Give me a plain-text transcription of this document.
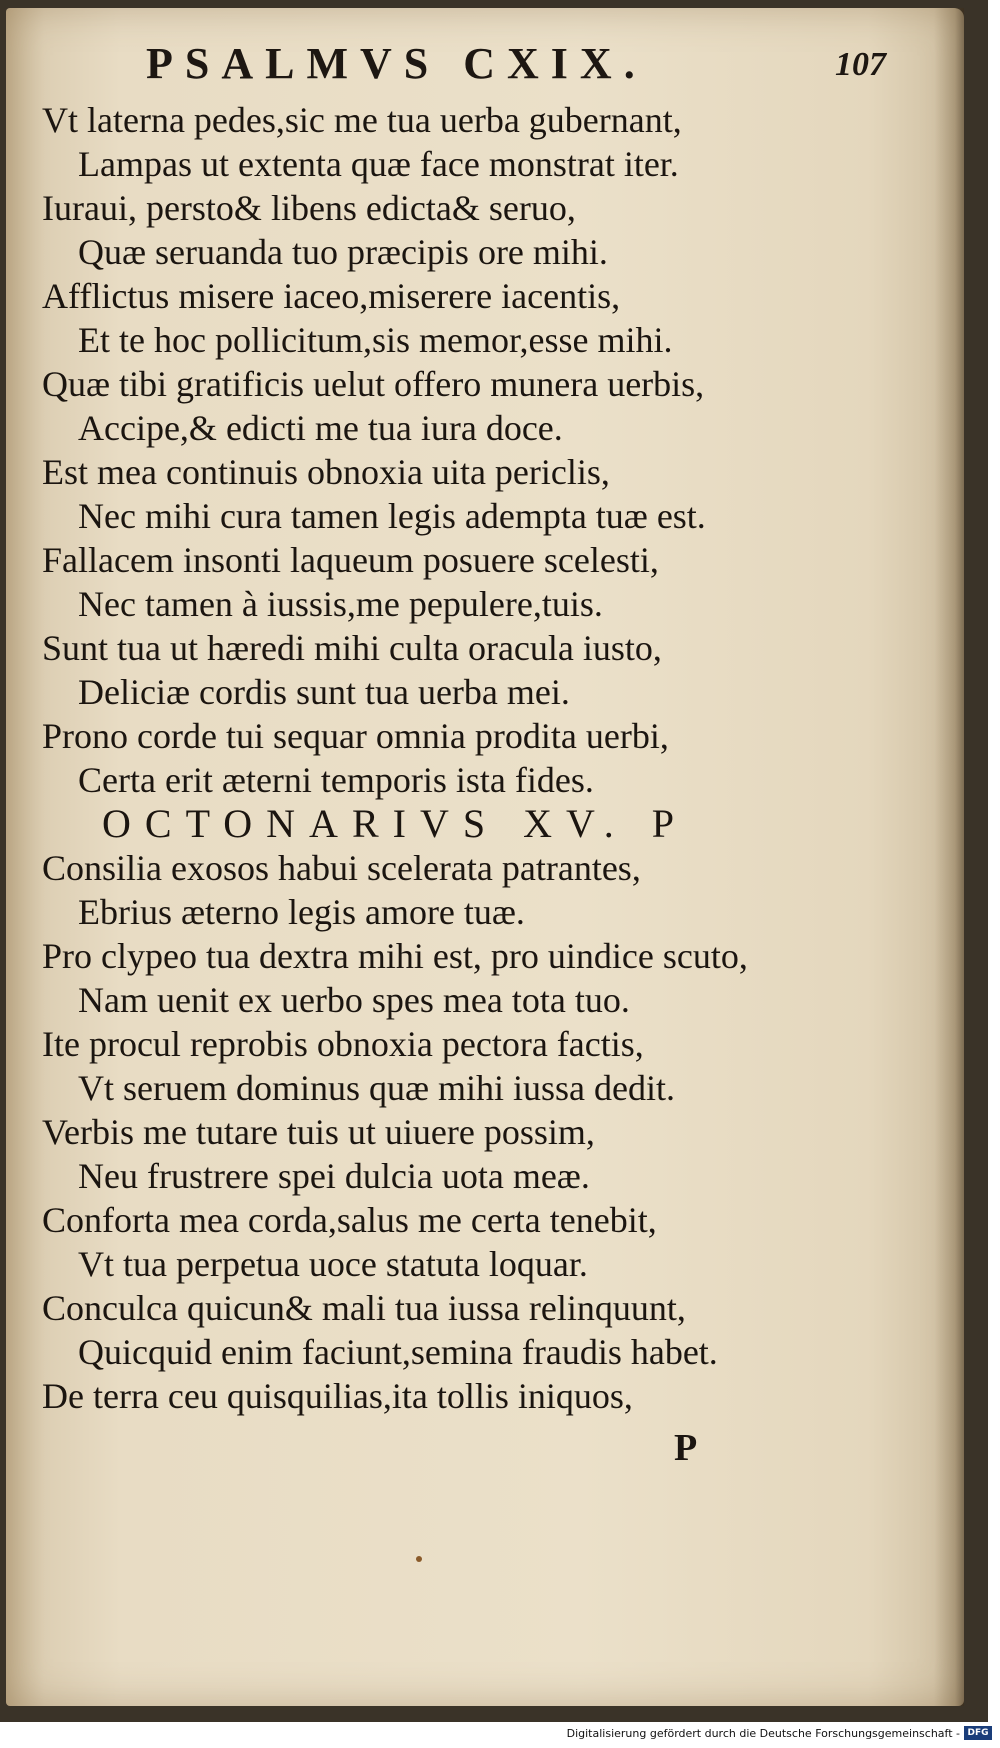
PSALMVS CXIX.	107
Vt laterna pedes,sic me tua uerba gubernant,
Lampas ut extenta quæ face monstrat iter.
Iuraui, persto& libens edicta& seruo,
Quæ seruanda tuo præcipis ore mihi.
Afflictus misere iaceo,miserere iacentis,
Et te hoc pollicitum,sis memor,esse mihi.
Quæ tibi gratificis uelut offero munera uerbis,
Accipe,& edicti me tua iura doce.
Est mea continuis obnoxia uita periclis,
Nec mihi cura tamen legis adempta tuæ est.
Fallacem insonti laqueum posuere scelesti,
Nec tamen à iussis,me pepulere,tuis.
Sunt tua ut hæredi mihi culta oracula iusto,
Deliciæ cordis sunt tua uerba mei.
Prono corde tui sequar omnia prodita uerbi,
Certa erit æterni temporis ista fides.
OCTONARIVS XV. P
Consilia exosos habui scelerata patrantes,
Ebrius æterno legis amore tuæ.
Pro clypeo tua dextra mihi est, pro uindice scuto,
Nam uenit ex uerbo spes mea tota tuo.
Ite procul reprobis obnoxia pectora factis,
Vt seruem dominus quæ mihi iussa dedit.
Verbis me tutare tuis ut uiuere possim,
Neu frustrere spei dulcia uota meæ.
Conforta mea corda,salus me certa tenebit,
Vt tua perpetua uoce statuta loquar.
Conculca quicun& mali tua iussa relinquunt,
Quicquid enim faciunt,semina fraudis habet.
De terra ceu quisquilias,ita tollis iniquos,
P
Digitalisierung gefördert durch die Deutsche Forschungsgemeinschaft - DFG
